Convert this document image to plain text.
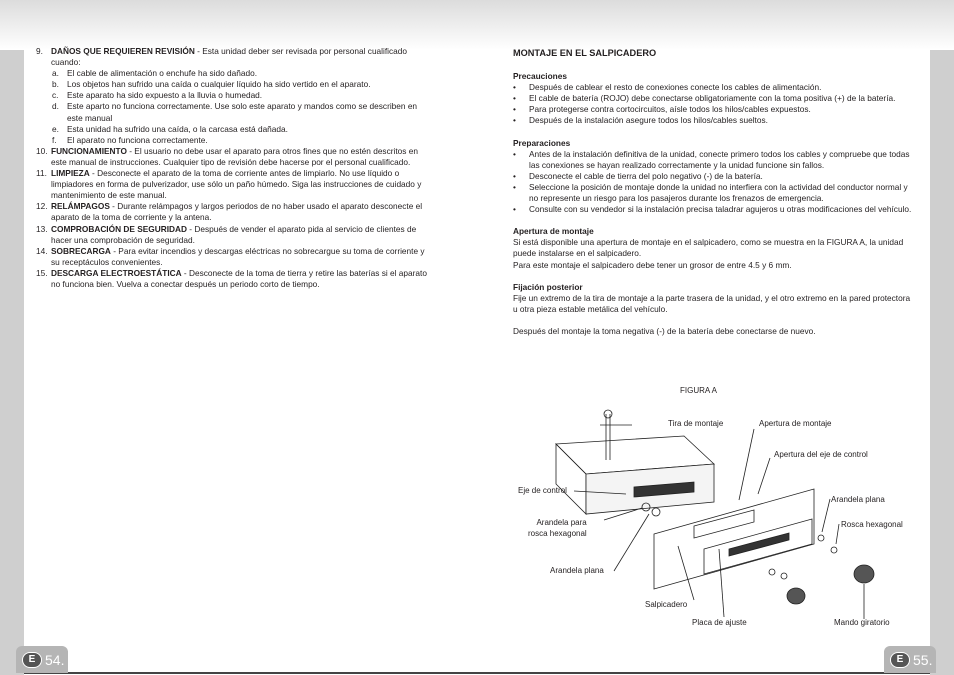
E 54.	E 55.
9. DAÑOS QUE REQUIEREN REVISIÓN - Esta unidad deber ser revisada por personal cualificado cuando:
a. El cable de alimentación o enchufe ha sido dañado.
b. Los objetos han sufrido una caída o cualquier líquido ha sido vertido en el aparato.
c.	Este aparato ha sido expuesto a la lluvia o humedad.
d. Este aparto no funciona correctamente. Use solo este aparato y mandos como se describen en este manual
e. Esta unidad ha sufrido una caída, o la carcasa está dañada.
f.	El aparato no funciona correctamente.
10. FUNCIONAMIENTO - El usuario no debe usar el aparato para otros fines que no estén descritos en este manual de instrucciones. Cualquier tipo de revisión debe hacerse por el personal cualificado.
11. LIMPIEZA - Desconecte el aparato de la toma de corriente antes de limpiarlo. No use líquido o limpiadores en forma de pulverizador, use sólo un paño húmedo. Siga las instrucciones de cuidado y mantenimiento de este manual.
12. RELÁMPAGOS - Durante relámpagos y largos periodos de no haber usado el aparato desconecte el aparato de la toma de corriente y la antena.
13. COMPROBACIÓN DE SEGURIDAD - Después de vender el aparato pida al servicio de clientes de hacer una comprobación de seguridad.
14. SOBRECARGA - Para evitar incendios y descargas eléctricas no sobrecargue su toma de corriente y su receptáculos convenientes.
15. DESCARGA ELECTROESTÁTICA - Desconecte de la toma de tierra y retire las baterías si el aparato no funciona bien. Vuelva a conectar después un periodo corto de tiempo.
MONTAJE EN EL SALPICADERO
Precauciones
•	Después de cablear el resto de conexiones conecte los cables de alimentación.
•	El cable de batería (ROJO) debe conectarse obligatoriamente con la toma positiva (+) de la batería.
•	Para protegerse contra cortocircuitos, aísle todos los hilos/cables expuestos.
•	Después de la instalación asegure todos los hilos/cables sueltos.
Preparaciones
•	Antes de la instalación definitiva de la unidad, conecte primero todos los cables y compruebe que todas las conexiones se hayan realizado correctamente y la unidad funcione sin fallos.
•	Desconecte el cable de tierra del polo negativo (-) de la batería.
•	Seleccione la posición de montaje donde la unidad no interfiera con la actividad del conductor normal y no represente un riesgo para los pasajeros durante los frenazos de emergencia.
•	Consulte con su vendedor si la instalación precisa taladrar agujeros u otras modificaciones del vehículo.
Apertura de montaje
Si está disponible una apertura de montaje en el salpicadero, como se muestra en la FIGURA A, la unidad puede instalarse en el salpicadero.
Para este montaje el salpicadero debe tener un grosor de entre 4.5 y 6 mm.
Fijación posterior
Fije un extremo de la tira de montaje a la parte trasera de la unidad, y el otro extremo en la pared protectora u otra pieza estable metálica del vehículo.
Después del montaje la toma negativa (-) de la batería debe conectarse de nuevo.
FIGURA A
Tira de montaje	Apertura de montaje
Apertura del eje de control
Eje de control
Arandela plana
Arandela para
rosca hexagonal
Rosca hexagonal
Arandela plana
Salpicadero
Placa de ajuste	Mando giratorio
